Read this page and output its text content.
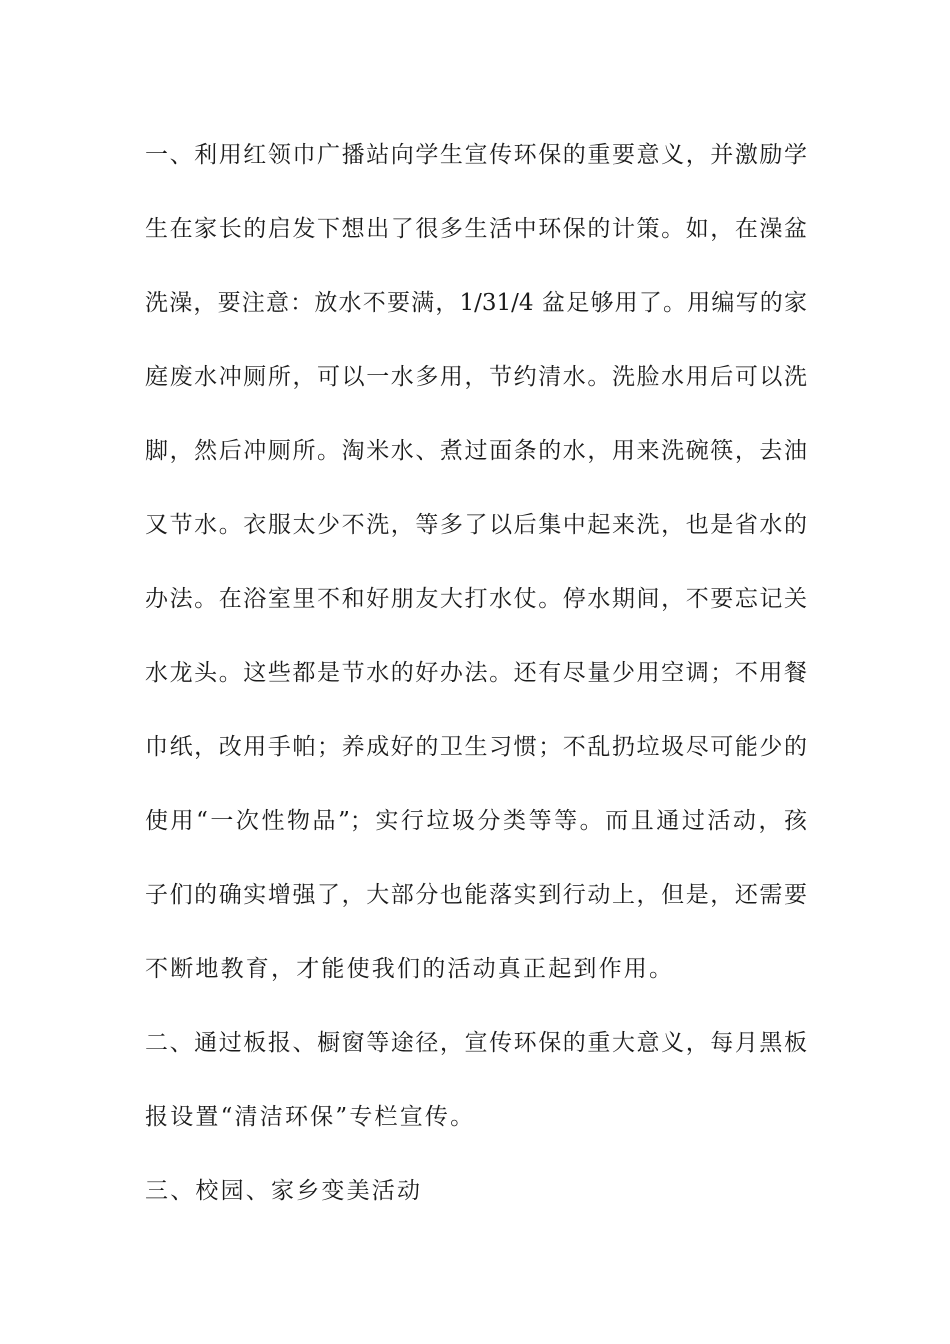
一、利用红领巾广播站向学生宣传环保的重要意义，并激励学
生在家长的启发下想出了很多生活中环保的计策。如，在澡盆
洗澡，要注意：放水不要满，1/31/4 盆足够用了。用编写的家
庭废水冲厕所，可以一水多用，节约清水。洗脸水用后可以洗
脚，然后冲厕所。淘米水、煮过面条的水，用来洗碗筷，去油
又节水。衣服太少不洗，等多了以后集中起来洗，也是省水的
办法。在浴室里不和好朋友大打水仗。停水期间，不要忘记关
水龙头。这些都是节水的好办法。还有尽量少用空调；不用餐
巾纸，改用手帕；养成好的卫生习惯；不乱扔垃圾尽可能少的
使用“一次性物品”；实行垃圾分类等等。而且通过活动，孩
子们的确实增强了，大部分也能落实到行动上，但是，还需要
不断地教育，才能使我们的活动真正起到作用。
二、通过板报、橱窗等途径，宣传环保的重大意义，每月黑板
报设置“清洁环保”专栏宣传。
三、校园、家乡变美活动
